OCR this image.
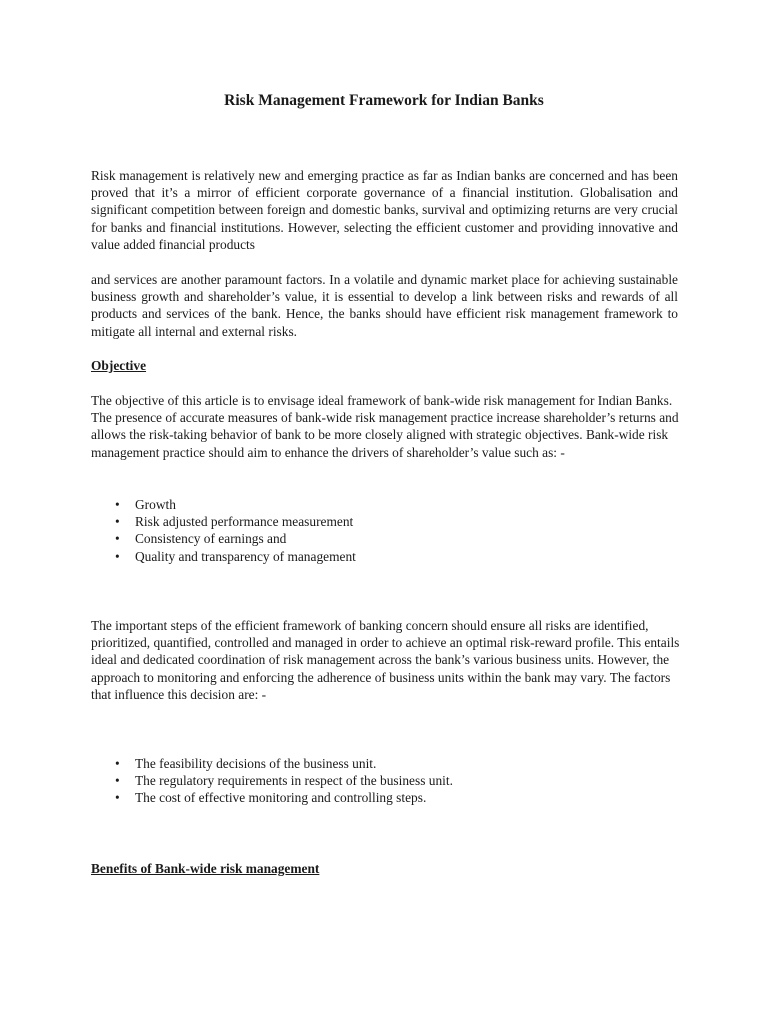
Risk Management Framework for Indian Banks

Risk management is relatively new and emerging practice as far as Indian banks are concerned and has been proved that it’s a mirror of efficient corporate governance of a financial institution. Globalisation and significant competition between foreign and domestic banks, survival and optimizing returns are very crucial for banks and financial institutions. However, selecting the efficient customer and providing innovative and value added financial products

and services are another paramount factors. In a volatile and dynamic market place for achieving sustainable business growth and shareholder’s value, it is essential to develop a link between risks and rewards of all products and services of the bank. Hence, the banks should have efficient risk management framework to mitigate all internal and external risks.

Objective

The objective of this article is to envisage ideal framework of bank-wide risk management for Indian Banks. The presence of accurate measures of bank-wide risk management practice increase shareholder’s returns and allows the risk-taking behavior of bank to be more closely aligned with strategic objectives. Bank-wide risk management practice should aim to enhance the drivers of shareholder’s value such as: -

• Growth
• Risk adjusted performance measurement
• Consistency of earnings and
• Quality and transparency of management

The important steps of the efficient framework of banking concern should ensure all risks are identified, prioritized, quantified, controlled and managed in order to achieve an optimal risk-reward profile. This entails ideal and dedicated coordination of risk management across the bank’s various business units. However, the approach to monitoring and enforcing the adherence of business units within the bank may vary. The factors that influence this decision are: -

• The feasibility decisions of the business unit.
• The regulatory requirements in respect of the business unit.
• The cost of effective monitoring and controlling steps.
Benefits of Bank-wide risk management
